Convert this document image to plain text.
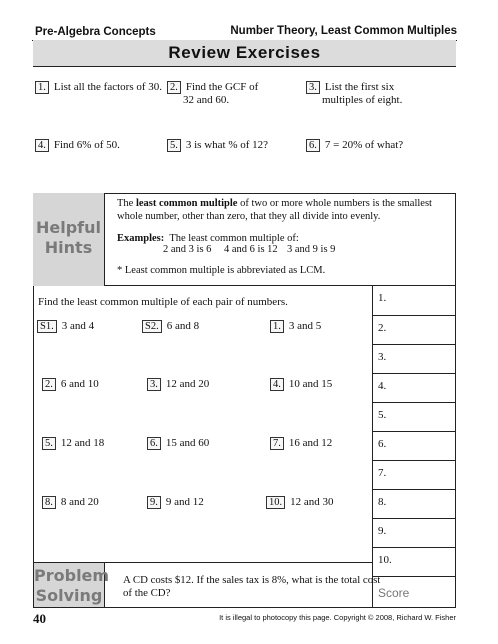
Pre-Algebra Concepts	Number Theory, Least Common Multiples
Review Exercises
1. List all the factors of 30. 2. Find the GCF of
32 and 60.
3. List the first six
multiples of eight.
4. Find 6% of 50.	5. 3 is what % of 12?	6. 7 = 20% of what?
Helpful
Hints
The least common multiple of two or more whole numbers is the smallest
whole number, other than zero, that they all divide into evenly.
Examples: The least common multiple of:
2 and 3 is 6 4 and 6 is 12 3 and 9 is 9
* Least common multiple is abbreviated as LCM.
Find the least common multiple of each pair of numbers.
S1. 3 and 4	S2. 6 and 8	1. 3 and 5
2. 6 and 10	3. 12 and 20	4. 10 and 15
5. 12 and 18	6. 15 and 60	7. 16 and 12
8. 8 and 20	9. 9 and 12	10. 12 and 30
1.
2.
3.
4.
5.
6.
7.
8.
9.
10.
Score
Problem
Solving
A CD costs $12. If the sales tax is 8%, what is the total cost
of the CD?
40	It is illegal to photocopy this page. Copyright © 2008, Richard W. Fisher
